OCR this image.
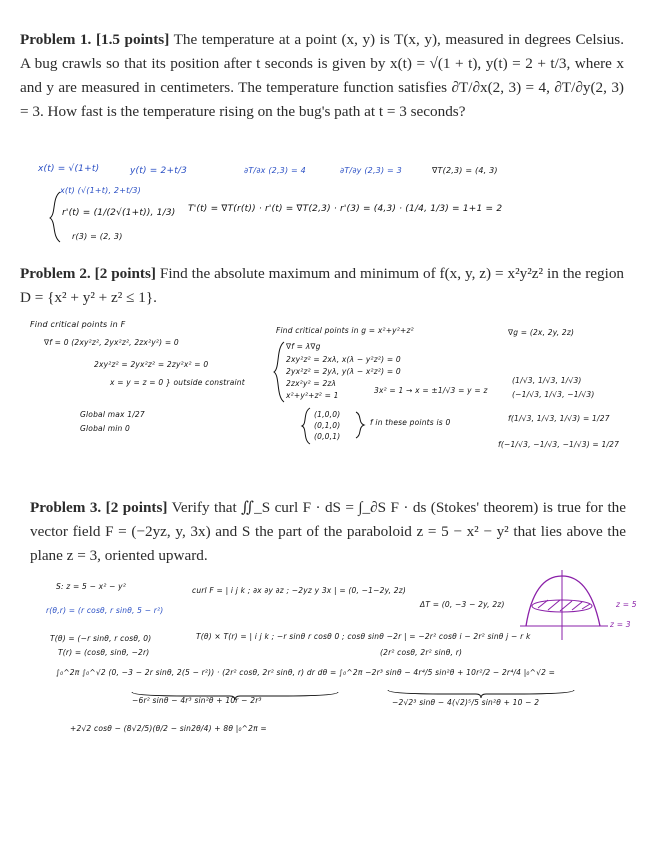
Problem 1. [1.5 points] The temperature at a point (x, y) is T(x, y), measured in degrees Celsius. A bug crawls so that its position after t seconds is given by x(t) = √(1 + t), y(t) = 2 + t/3, where x and y are measured in centimeters. The temperature function satisfies ∂T/∂x(2, 3) = 4, ∂T/∂y(2, 3) = 3. How fast is the temperature rising on the bug's path at t = 3 seconds?
Problem 2. [2 points] Find the absolute maximum and minimum of f(x, y, z) = x²y²z² in the region D = {x² + y² + z² ≤ 1}.
Problem 3. [2 points] Verify that ∬_S curl F · dS = ∫_∂S F · ds (Stokes' theorem) is true for the vector field F = (−2yz, y, 3x) and S the part of the paraboloid z = 5 − x² − y² that lies above the plane z = 3, oriented upward.
x(t) = √(1+t)	y(t) = 2+t/3	∂T/∂x (2,3) = 4	∂T/∂y (2,3) = 3	∇T(2,3) = (4, 3)
x(t) (√(1+t), 2+t/3)
r'(t) = (1/(2√(1+t)), 1/3) T'(t) = ∇T(r(t)) · r'(t) = ∇T(2,3) · r'(3) = (4,3) · (1/4, 1/3) = 1+1 = 2
r(3) = (2, 3)
Find critical points in F
∇f = 0 (2xy²z², 2yx²z², 2zx²y²) = 0
2xy²z² = 2yx²z² = 2zy²x² = 0
x = y = z = 0 } outside constraint
Global max 1/27
Global min 0
Find critical points in g = x²+y²+z²	∇g = (2x, 2y, 2z)
∇f = λ∇g
2xy²z² = 2xλ, x(λ − y²z²) = 0
2yx²z² = 2yλ, y(λ − x²z²) = 0
2zx²y² = 2zλ
x²+y²+z² = 1
3x² = 1 → x = ±1/√3 = y = z
(1,0,0)
(0,1,0)
(0,0,1)
f in these points is 0
(1/√3, 1/√3, 1/√3)
(−1/√3, 1/√3, −1/√3)
f(1/√3, 1/√3, 1/√3) = 1/27
f(−1/√3, −1/√3, −1/√3) = 1/27
S: z = 5 − x² − y²
r(θ,r) = (r cosθ, r sinθ, 5 − r²)
curl F = | i j k ; ∂x ∂y ∂z ; −2yz y 3x | = (0, −1−2y, 2z)
ΔT = (0, −3 − 2y, 2z)
T(θ) = (−r sinθ, r cosθ, 0)
T(r) = (cosθ, sinθ, −2r)
T(θ) × T(r) = | i j k ; −r sinθ r cosθ 0 ; cosθ sinθ −2r | = −2r² cosθ i − 2r² sinθ j − r k
(2r² cosθ, 2r² sinθ, r)
∫₀^2π ∫₀^√2 (0, −3 − 2r sinθ, 2(5 − r²)) · (2r² cosθ, 2r² sinθ, r) dr dθ = ∫₀^2π −2r³ sinθ − 4r⁴/5 sin²θ + 10r²/2 − 2r⁴/4 |₀^√2 =
−6r² sinθ − 4r³ sin²θ + 10r − 2r³	−2√2³ sinθ − 4(√2)⁵/5 sin²θ + 10 − 2
+2√2 cosθ − (8√2/5)(θ/2 − sin2θ/4) + 8θ |₀^2π =
z = 5
z = 3
